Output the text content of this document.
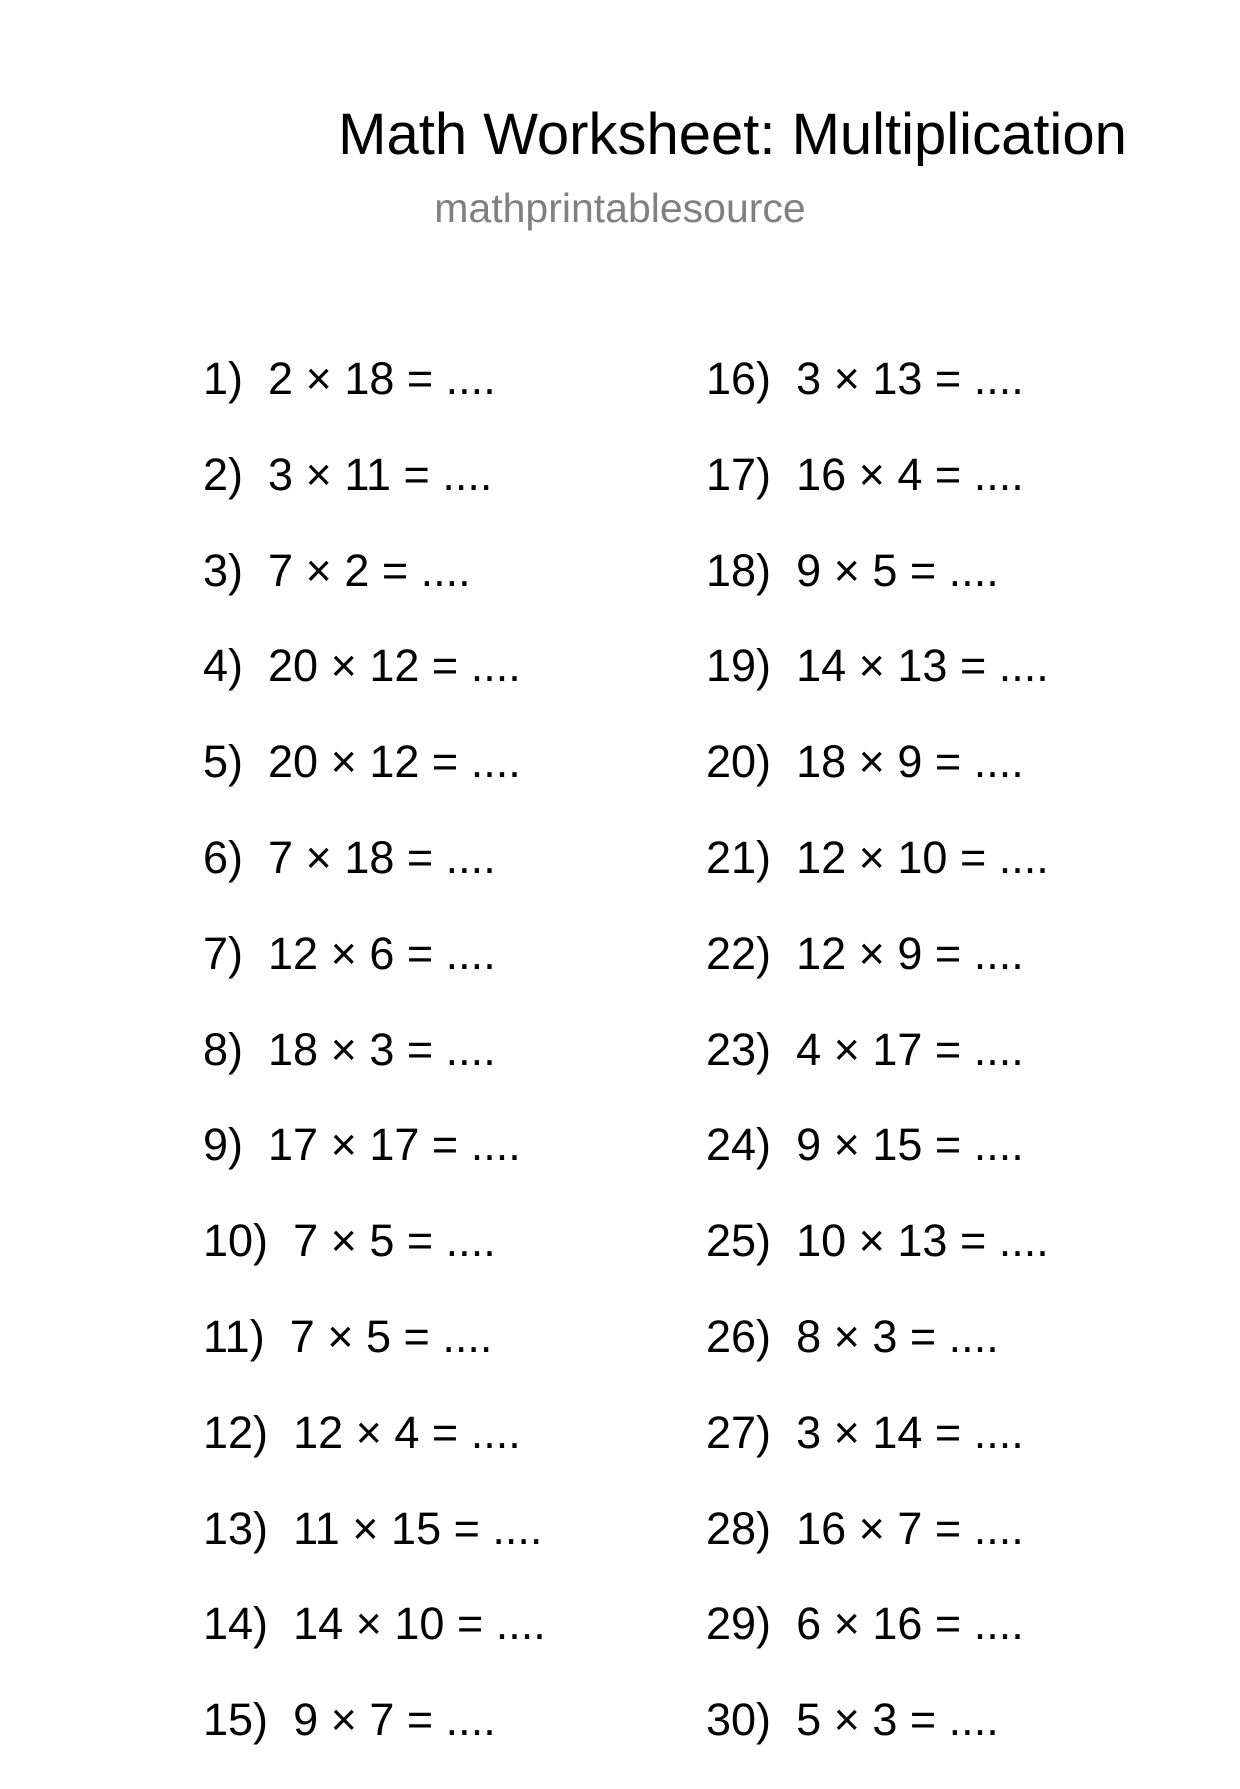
Math Worksheet: Multiplication
mathprintablesource
1) 2 × 18 = ....
2) 3 × 11 = ....
3) 7 × 2 = ....
4) 20 × 12 = ....
5) 20 × 12 = ....
6) 7 × 18 = ....
7) 12 × 6 = ....
8) 18 × 3 = ....
9) 17 × 17 = ....
10) 7 × 5 = ....
11) 7 × 5 = ....
12) 12 × 4 = ....
13) 11 × 15 = ....
14) 14 × 10 = ....
15) 9 × 7 = ....
16) 3 × 13 = ....
17) 16 × 4 = ....
18) 9 × 5 = ....
19) 14 × 13 = ....
20) 18 × 9 = ....
21) 12 × 10 = ....
22) 12 × 9 = ....
23) 4 × 17 = ....
24) 9 × 15 = ....
25) 10 × 13 = ....
26) 8 × 3 = ....
27) 3 × 14 = ....
28) 16 × 7 = ....
29) 6 × 16 = ....
30) 5 × 3 = ....
